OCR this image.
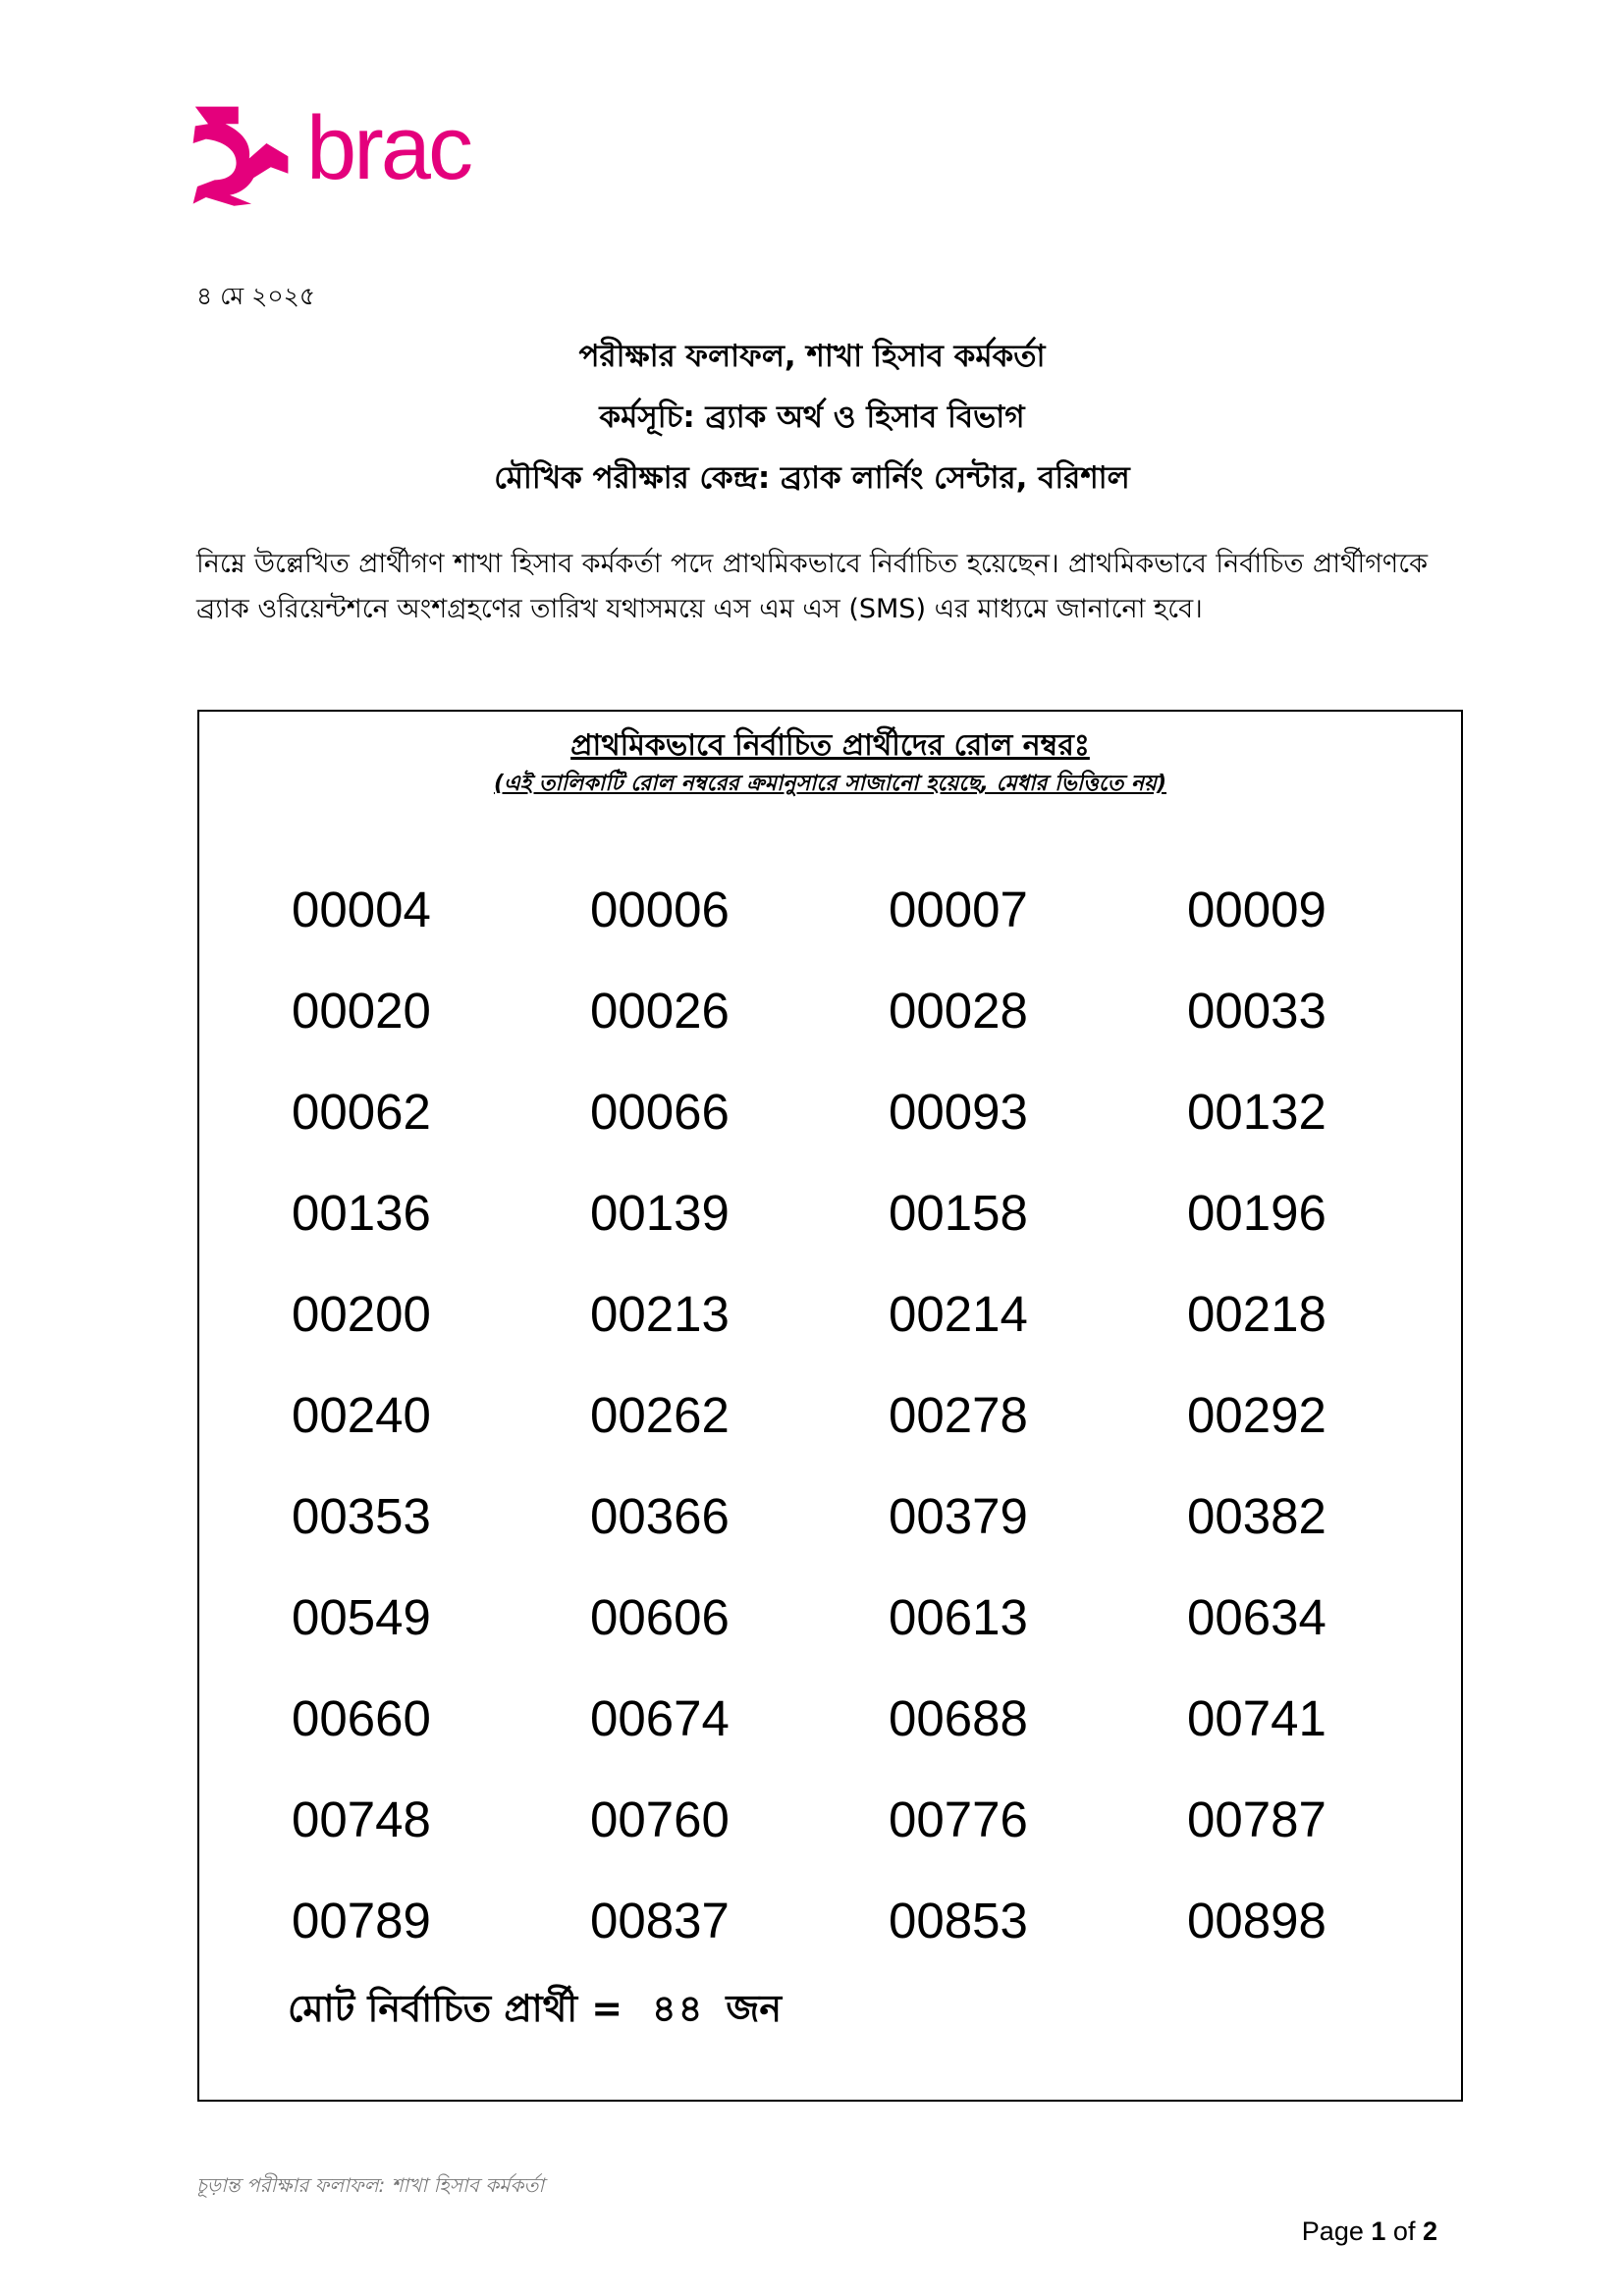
brac
৪ মে ২০২৫
পরীক্ষার ফলাফল, শাখা হিসাব কর্মকর্তা
কর্মসূচি: ব্র্যাক অর্থ ও হিসাব বিভাগ
মৌখিক পরীক্ষার কেন্দ্র: ব্র্যাক লার্নিং সেন্টার, বরিশাল
নিম্নে উল্লেখিত প্রার্থীগণ শাখা হিসাব কর্মকর্তা পদে প্রাথমিকভাবে নির্বাচিত হয়েছেন। প্রাথমিকভাবে নির্বাচিত প্রার্থীগণকে ব্র্যাক ওরিয়েন্টশনে অংশগ্রহণের তারিখ যথাসময়ে এস এম এস (SMS) এর মাধ্যমে জানানো হবে।
প্রাথমিকভাবে নির্বাচিত প্রার্থীদের রোল নম্বরঃ
(এই তালিকাটি রোল নম্বরের ক্রমানুসারে সাজানো হয়েছে, মেধার ভিত্তিতে নয়)
00004	00006	00007	00009
00020	00026	00028	00033
00062	00066	00093	00132
00136	00139	00158	00196
00200	00213	00214	00218
00240	00262	00278	00292
00353	00366	00379	00382
00549	00606	00613	00634
00660	00674	00688	00741
00748	00760	00776	00787
00789	00837	00853	00898
মোট নির্বাচিত প্রার্থী = ৪৪ জন
চূড়ান্ত পরীক্ষার ফলাফল: শাখা হিসাব কর্মকর্তা
Page 1 of 2
